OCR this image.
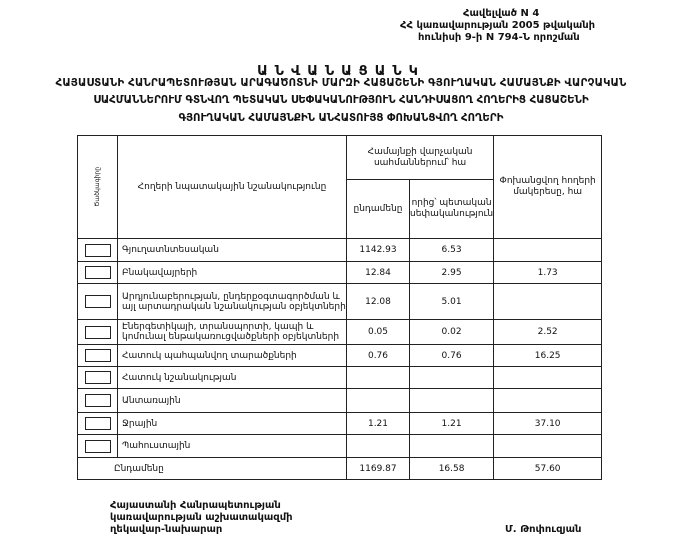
Հավելված N 4
ՀՀ կառավարության 2005 թվականի
հունիսի 9-ի N 794-Ն որոշման
ԱՆՎԱՆԱՑԱՆԿ
ՀԱՅԱՍՏԱՆԻ ՀԱՆՐԱՊԵՏՈՒԹՅԱՆ ԱՐԱԳԱԾՈՏՆԻ ՄԱՐԶԻ ՀԱՑԱՇԵՆԻ ԳՅՈՒՂԱԿԱՆ ՀԱՄԱՅՆՔԻ ՎԱՐՉԱԿԱՆ
ՍԱՀՄԱՆՆԵՐՈՒՄ ԳՏՆՎՈՂ ՊԵՏԱԿԱՆ ՍԵՓԱԿԱՆՈՒԹՅՈՒՆ ՀԱՆԴԻՍԱՑՈՂ ՀՈՂԵՐԻՑ ՀԱՑԱՇԵՆԻ
ԳՅՈՒՂԱԿԱՆ ՀԱՄԱՅՆՔԻՆ ԱՆՀԱՏՈՒՅՑ ՓՈԽԱՆՑՎՈՂ ՀՈՂԵՐԻ
Ծածկագիրը	Հողերի նպատակային նշանակությունը	Համայնքի վարչական սահմաններում՝ հա		Փոխանցվող հողերի մակերեսը, հա
		ընդամենը	որից՝ պետական սեփականություն	

	Գյուղատնտեսական	1142.93	6.53	

	Բնակավայրերի	12.84	2.95	1.73

	Արդյունաբերության, ընդերքօգտագործման և այլ արտադրական նշանակության օբյեկտների	12.08	5.01	

	Էներգետիկայի, տրանսպորտի, կապի և կոմունալ ենթակառուցվածքների օբյեկտների	0.05	0.02	2.52

	Հատուկ պահպանվող տարածքների	0.76	0.76	16.25

	Հատուկ նշանակության			

	Անտառային			

	Ջրային	1.21	1.21	37.10

	Պահուստային			
Ընդամենը		1169.87	16.58	57.60
Հայաստանի Հանրապետության
կառավարության աշխատակազմի
ղեկավար-նախարար	Մ. Թոփուզյան
